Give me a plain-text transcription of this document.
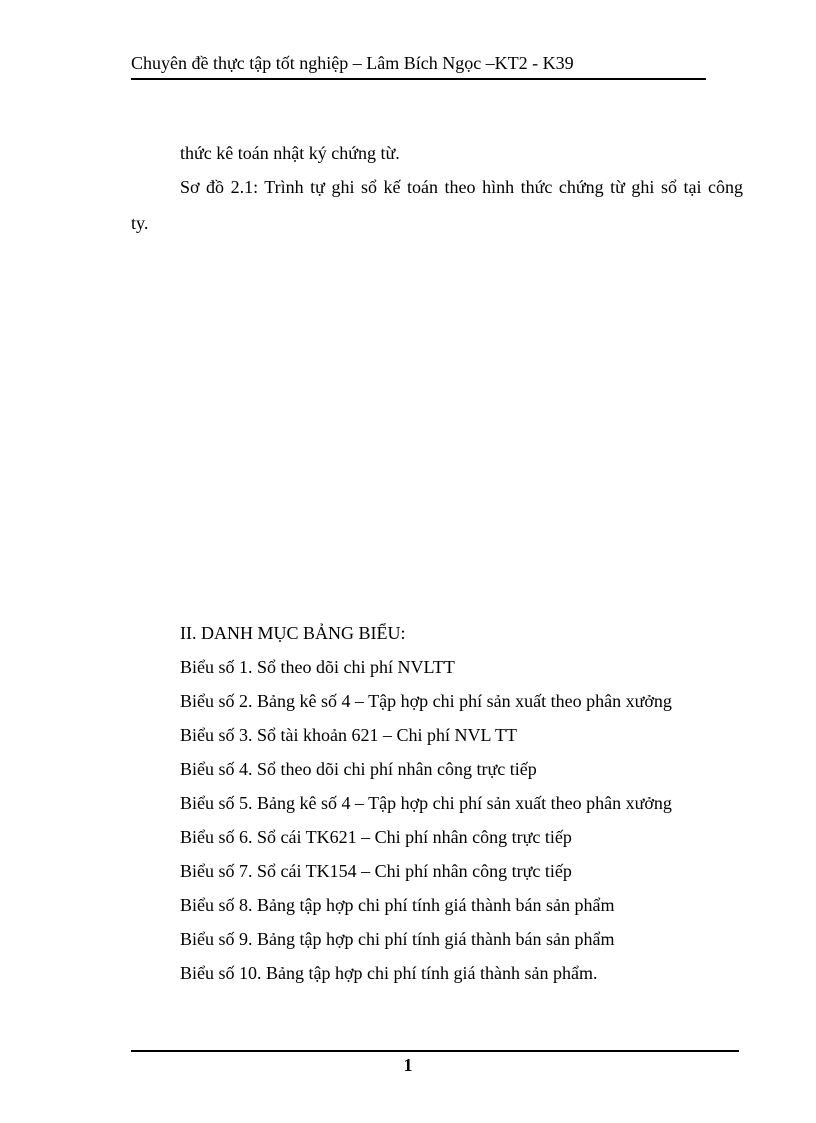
Chuyên đề thực tập tốt nghiệp – Lâm Bích Ngọc –KT2 - K39
thức kê toán nhật ký chứng từ.
Sơ đồ 2.1: Trình tự ghi sổ kế toán theo hình thức chứng từ ghi sổ tại công
ty.
II. DANH MỤC BẢNG BIỂU:
Biểu số 1. Sổ theo dõi chi phí NVLTT
Biểu số 2. Bảng kê số 4 – Tập hợp chi phí sản xuất theo phân xưởng
Biểu số 3. Sổ tài khoản 621 – Chi phí NVL TT
Biểu số 4. Sổ theo dõi chi phí nhân công trực tiếp
Biểu số 5. Bảng kê số 4 – Tập hợp chi phí sản xuất theo phân xưởng
Biểu số 6. Sổ cái TK621 – Chi phí nhân công trực tiếp
Biểu số 7. Sổ cái TK154 – Chi phí nhân công trực tiếp
Biểu số 8. Bảng tập hợp chi phí tính giá thành bán sản phẩm
Biểu số 9. Bảng tập hợp chi phí tính giá thành bán sản phẩm
Biểu số 10. Bảng tập hợp chi phí tính giá thành sản phẩm.
1
